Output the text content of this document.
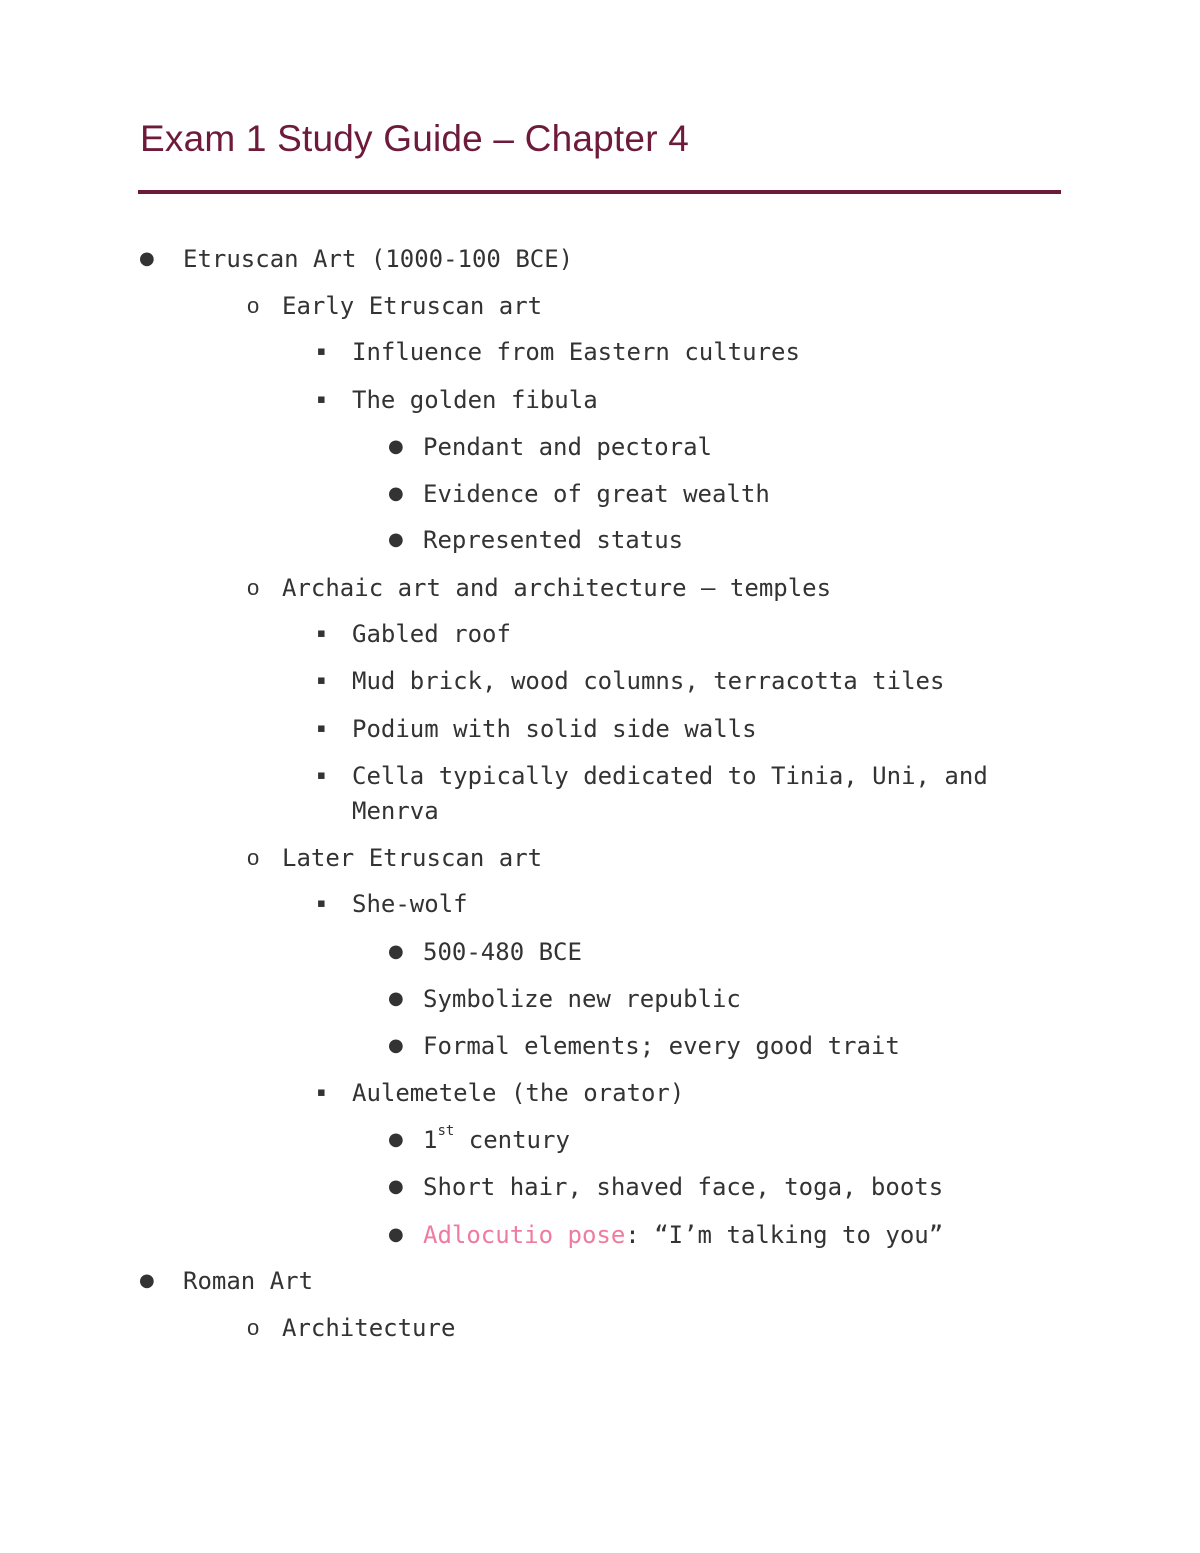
Exam 1 Study Guide – Chapter 4
● Etruscan Art (1000-100 BCE)
o Early Etruscan art
▪ Influence from Eastern cultures
▪ The golden fibula
● Pendant and pectoral
● Evidence of great wealth
● Represented status
o Archaic art and architecture – temples
▪ Gabled roof
▪ Mud brick, wood columns, terracotta tiles
▪ Podium with solid side walls
▪ Cella typically dedicated to Tinia, Uni, and
Menrva
o Later Etruscan art
▪ She-wolf
● 500-480 BCE
● Symbolize new republic
● Formal elements; every good trait
▪ Aulemetele (the orator)
● 1st century
● Short hair, shaved face, toga, boots
● Adlocutio pose: “I’m talking to you”
● Roman Art
o Architecture
